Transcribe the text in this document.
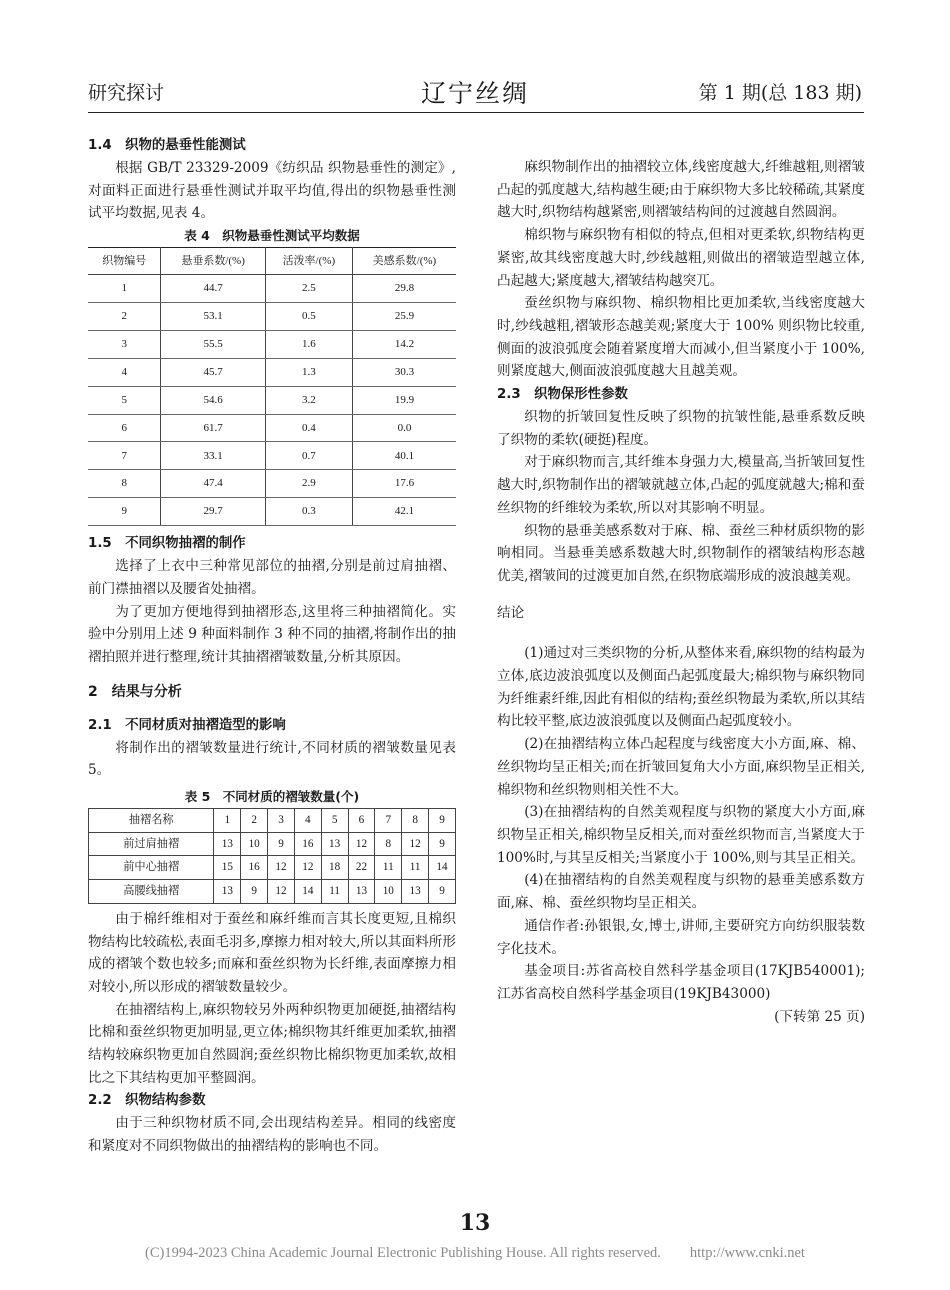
研究探讨	辽宁丝绸	第 1 期(总 183 期)
1.4　织物的悬垂性能测试

根据 GB/T 23329-2009《纺织品 织物悬垂性的测定》,对面料正面进行悬垂性测试并取平均值,得出的织物悬垂性测试平均数据,见表 4。

表 4　织物悬垂性测试平均数据
织物编号	悬垂系数/(%)	活泼率/(%)	美感系数/(%)
1	44.7	2.5	29.8
2	53.1	0.5	25.9
3	55.5	1.6	14.2
4	45.7	1.3	30.3
5	54.6	3.2	19.9
6	61.7	0.4	0.0
7	33.1	0.7	40.1
8	47.4	2.9	17.6
9	29.7	0.3	42.1
1.5　不同织物抽褶的制作

选择了上衣中三种常见部位的抽褶,分别是前过肩抽褶、前门襟抽褶以及腰省处抽褶。

为了更加方便地得到抽褶形态,这里将三种抽褶简化。实验中分别用上述 9 种面料制作 3 种不同的抽褶,将制作出的抽褶拍照并进行整理,统计其抽褶褶皱数量,分析其原因。

2　结果与分析
2.1　不同材质对抽褶造型的影响

将制作出的褶皱数量进行统计,不同材质的褶皱数量见表 5。

表 5　不同材质的褶皱数量(个)
抽褶名称	1	2	3	4	5	6	7	8	9
前过肩抽褶	13	10	9	16	13	12	8	12	9
前中心抽褶	15	16	12	12	18	22	11	11	14
高腰线抽褶	13	9	12	14	11	13	10	13	9

由于棉纤维相对于蚕丝和麻纤维而言其长度更短,且棉织物结构比较疏松,表面毛羽多,摩擦力相对较大,所以其面料所形成的褶皱个数也较多;而麻和蚕丝织物为长纤维,表面摩擦力相对较小,所以形成的褶皱数量较少。

在抽褶结构上,麻织物较另外两种织物更加硬挺,抽褶结构比棉和蚕丝织物更加明显,更立体;棉织物其纤维更加柔软,抽褶结构较麻织物更加自然圆润;蚕丝织物比棉织物更加柔软,故相比之下其结构更加平整圆润。

2.2　织物结构参数

由于三种织物材质不同,会出现结构差异。相同的线密度和紧度对不同织物做出的抽褶结构的影响也不同。

麻织物制作出的抽褶较立体,线密度越大,纤维越粗,则褶皱凸起的弧度越大,结构越生硬;由于麻织物大多比较稀疏,其紧度越大时,织物结构越紧密,则褶皱结构间的过渡越自然圆润。

棉织物与麻织物有相似的特点,但相对更柔软,织物结构更紧密,故其线密度越大时,纱线越粗,则做出的褶皱造型越立体,凸起越大;紧度越大,褶皱结构越突兀。

蚕丝织物与麻织物、棉织物相比更加柔软,当线密度越大时,纱线越粗,褶皱形态越美观;紧度大于 100% 则织物比较重,侧面的波浪弧度会随着紧度增大而减小,但当紧度小于 100%,则紧度越大,侧面波浪弧度越大且越美观。

2.3　织物保形性参数

织物的折皱回复性反映了织物的抗皱性能,悬垂系数反映了织物的柔软(硬挺)程度。

对于麻织物而言,其纤维本身强力大,模量高,当折皱回复性越大时,织物制作出的褶皱就越立体,凸起的弧度就越大;棉和蚕丝织物的纤维较为柔软,所以对其影响不明显。

织物的悬垂美感系数对于麻、棉、蚕丝三种材质织物的影响相同。当悬垂美感系数越大时,织物制作的褶皱结构形态越优美,褶皱间的过渡更加自然,在织物底端形成的波浪越美观。

结论

(1)通过对三类织物的分析,从整体来看,麻织物的结构最为立体,底边波浪弧度以及侧面凸起弧度最大;棉织物与麻织物同为纤维素纤维,因此有相似的结构;蚕丝织物最为柔软,所以其结构比较平整,底边波浪弧度以及侧面凸起弧度较小。

(2)在抽褶结构立体凸起程度与线密度大小方面,麻、棉、丝织物均呈正相关;而在折皱回复角大小方面,麻织物呈正相关,棉织物和丝织物则相关性不大。

(3)在抽褶结构的自然美观程度与织物的紧度大小方面,麻织物呈正相关,棉织物呈反相关,而对蚕丝织物而言,当紧度大于 100%时,与其呈反相关;当紧度小于 100%,则与其呈正相关。

(4)在抽褶结构的自然美观程度与织物的悬垂美感系数方面,麻、棉、蚕丝织物均呈正相关。

通信作者:孙银银,女,博士,讲师,主要研究方向纺织服装数字化技术。

基金项目:苏省高校自然科学基金项目(17KJB540001);江苏省高校自然科学基金项目(19KJB43000)

(下转第 25 页)

13
(C)1994-2023 China Academic Journal Electronic Publishing House. All rights reserved.　　http://www.cnki.net
